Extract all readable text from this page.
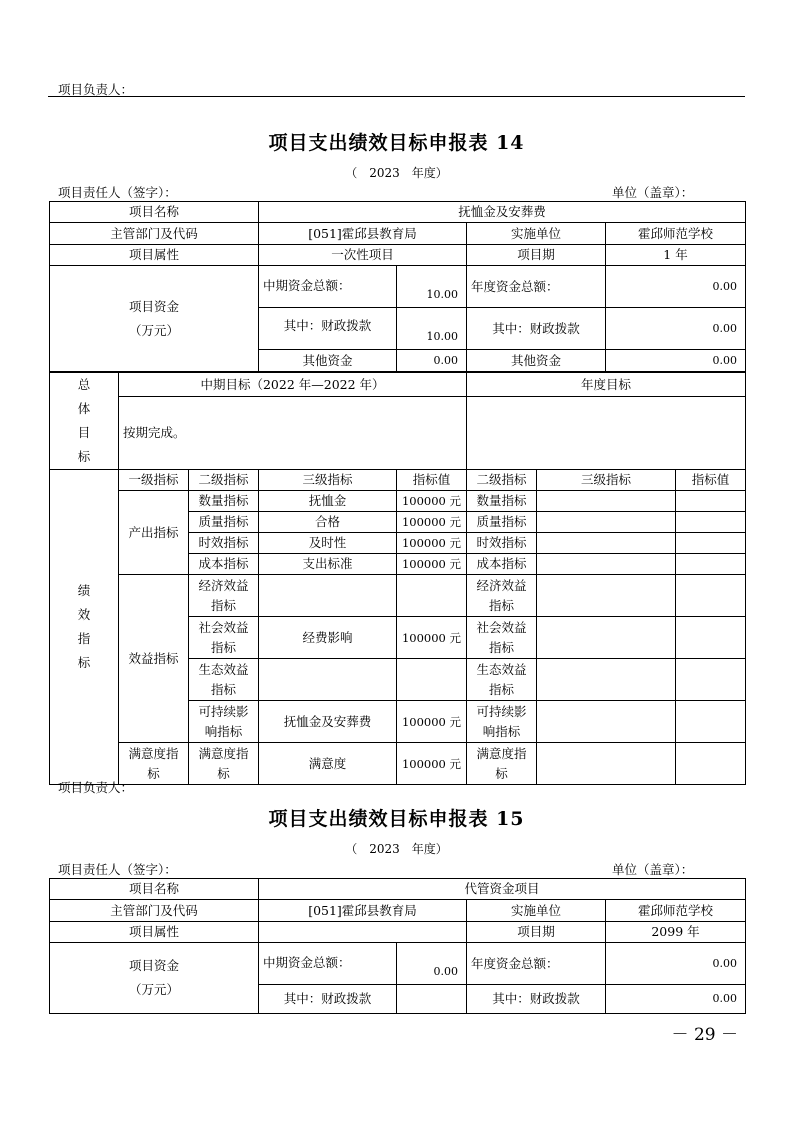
项目负责人：
项目支出绩效目标申报表 14
（　2023　年度）
项目责任人（签字）：	单位（盖章）：
项目名称	抚恤金及安葬费			
主管部门及代码	[051]霍邱县教育局		实施单位	霍邱师范学校
项目属性	一次性项目		项目期	1 年

项目资金
（万元）	中期资金总额：	10.00	年度资金总额：	0.00
	其中：财政拨款	10.00	其中：财政拨款	0.00
	其他资金	0.00	其他资金	0.00
总体目标	中期目标（2022 年—2022 年）				年度目标		
	按期完成。						
绩效指标	一级指标	二级指标	三级指标	指标值	二级指标	三级指标	指标值
	产出指标	数量指标	抚恤金	100000 元	数量指标		
		质量指标	合格	100000 元	质量指标		
		时效指标	及时性	100000 元	时效指标		
		成本指标	支出标准	100000 元	成本指标		
	效益指标	经济效益指标			经济效益指标		
		社会效益指标	经费影响	100000 元	社会效益指标		
		生态效益指标			生态效益指标		
		可持续影响指标	抚恤金及安葬费	100000 元	可持续影响指标		
	满意度指标	满意度指标	满意度	100000 元	满意度指标		
项目负责人：
项目支出绩效目标申报表 15
（　2023　年度）
项目责任人（签字）：	单位（盖章）：
项目名称	代管资金项目			
主管部门及代码	[051]霍邱县教育局		实施单位	霍邱师范学校
项目属性			项目期	2099 年

项目资金
（万元）	中期资金总额：	0.00	年度资金总额：	0.00
	其中：财政拨款		其中：财政拨款	0.00
－ 29 －
